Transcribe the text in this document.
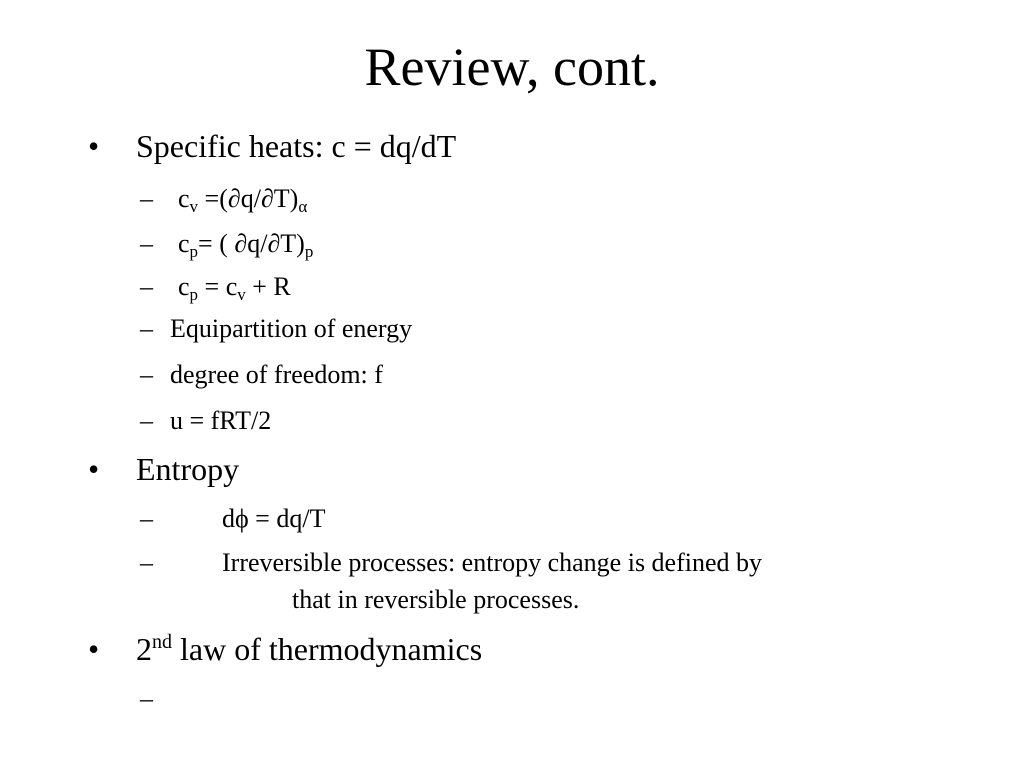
Review, cont.
• Specific heats: c = dq/dT
– $c_v =(\partial q/\partial T)_\alpha$
– $c_p=$ ( $\partial q/\partial T)_p$
– $c_p = c_v + R$
– Equipartition of energy
– degree of freedom: f
– u = fRT/2
• Entropy
–	dϕ = dq/T
–	Irreversible processes: entropy change is defined by
that in reversible processes.
• 2nd law of thermodynamics
–
